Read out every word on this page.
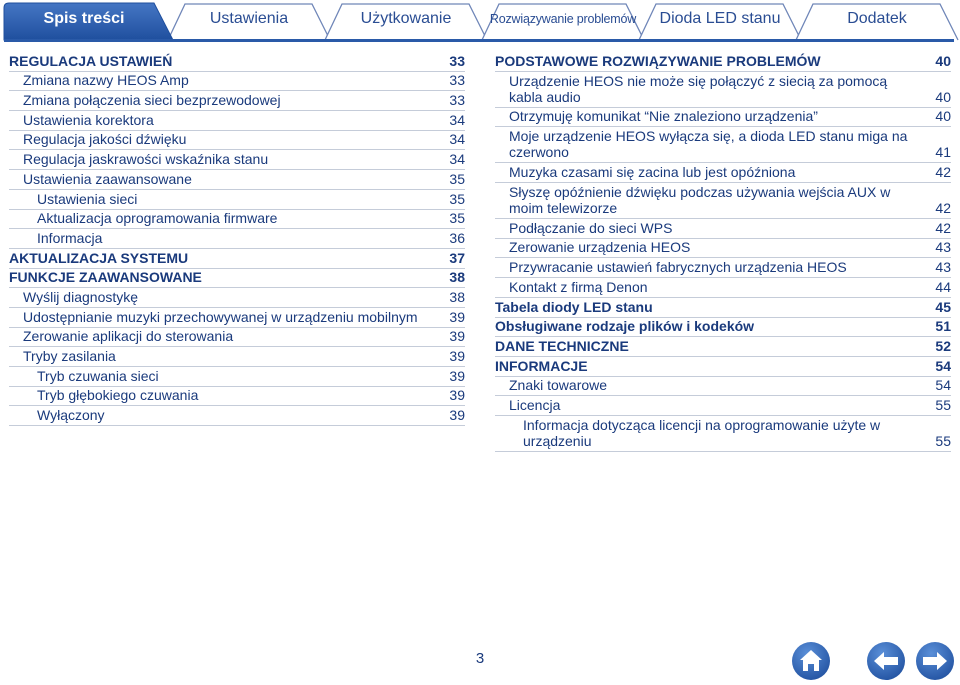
Spis treści	Ustawienia	Użytkowanie	Rozwiązywanie problemów	Dioda LED stanu	Dodatek
REGULACJA USTAWIEŃ	33
Zmiana nazwy HEOS Amp	33
Zmiana połączenia sieci bezprzewodowej	33
Ustawienia korektora	34
Regulacja jakości dźwięku	34
Regulacja jaskrawości wskaźnika stanu	34
Ustawienia zaawansowane	35
Ustawienia sieci	35
Aktualizacja oprogramowania firmware	35
Informacja	36
AKTUALIZACJA SYSTEMU	37
FUNKCJE ZAAWANSOWANE	38
Wyślij diagnostykę	38
Udostępnianie muzyki przechowywanej w urządzeniu mobilnym	39
Zerowanie aplikacji do sterowania	39
Tryby zasilania	39
Tryb czuwania sieci	39
Tryb głębokiego czuwania	39
Wyłączony	39
PODSTAWOWE ROZWIĄZYWANIE PROBLEMÓW	40
Urządzenie HEOS nie może się połączyć z siecią za pomocą kabla audio	40
Otrzymuję komunikat “Nie znaleziono urządzenia”	40
Moje urządzenie HEOS wyłącza się, a dioda LED stanu miga na czerwono	41
Muzyka czasami się zacina lub jest opóźniona	42
Słyszę opóźnienie dźwięku podczas używania wejścia AUX w moim telewizorze	42
Podłączanie do sieci WPS	42
Zerowanie urządzenia HEOS	43
Przywracanie ustawień fabrycznych urządzenia HEOS	43
Kontakt z firmą Denon	44
Tabela diody LED stanu	45
Obsługiwane rodzaje plików i kodeków	51
DANE TECHNICZNE	52
INFORMACJE	54
Znaki towarowe	54
Licencja	55
Informacja dotycząca licencji na oprogramowanie użyte w urządzeniu	55
3
